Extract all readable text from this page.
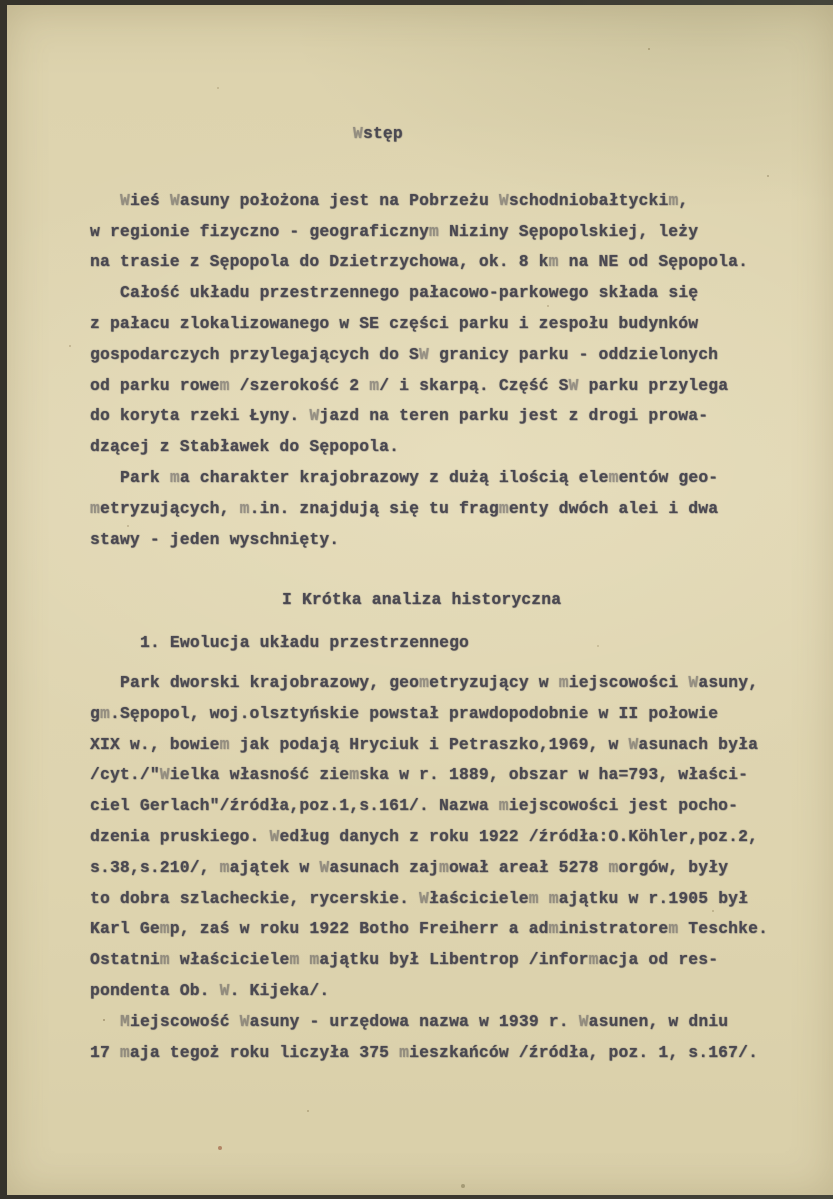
Wstęp
Wieś Wasuny położona jest na Pobrzeżu Wschodniobałtyckim,
w regionie fizyczno - geograficznym Niziny Sępopolskiej, leży
na trasie z Sępopola do Dzietrzychowa, ok. 8 km na NE od Sępopola.
Całość układu przestrzennego pałacowo-parkowego składa się
z pałacu zlokalizowanego w SE części parku i zespołu budynków
gospodarczych przylegających do SW granicy parku - oddzielonych
od parku rowem /szerokość 2 m/ i skarpą. Część SW parku przylega
do koryta rzeki Łyny. Wjazd na teren parku jest z drogi prowa-
dzącej z Stabławek do Sępopola.
Park ma charakter krajobrazowy z dużą ilością elementów geo-
metryzujących, m.in. znajdują się tu fragmenty dwóch alei i dwa
stawy - jeden wyschnięty.
I Krótka analiza historyczna
1. Ewolucja układu przestrzennego
Park dworski krajobrazowy, geometryzujący w miejscowości Wasuny,
gm.Sępopol, woj.olsztyńskie powstał prawdopodobnie w II połowie
XIX w., bowiem jak podają Hryciuk i Petraszko,1969, w Wasunach była
/cyt./"Wielka własność ziemska w r. 1889, obszar w ha=793, właści-
ciel Gerlach"/źródła,poz.1,s.161/. Nazwa miejscowości jest pocho-
dzenia pruskiego. Według danych z roku 1922 /źródła:O.Köhler,poz.2,
s.38,s.210/, majątek w Wasunach zajmował areał 5278 morgów, były
to dobra szlacheckie, rycerskie. Właścicielem majątku w r.1905 był
Karl Gemp, zaś w roku 1922 Botho Freiherr a administratorem Teschke.
Ostatnim właścicielem majątku był Libentrop /informacja od res-
pondenta Ob. W. Kijeka/.
Miejscowość Wasuny - urzędowa nazwa w 1939 r. Wasunen, w dniu
17 maja tegoż roku liczyła 375 mieszkańców /źródła, poz. 1, s.167/.
